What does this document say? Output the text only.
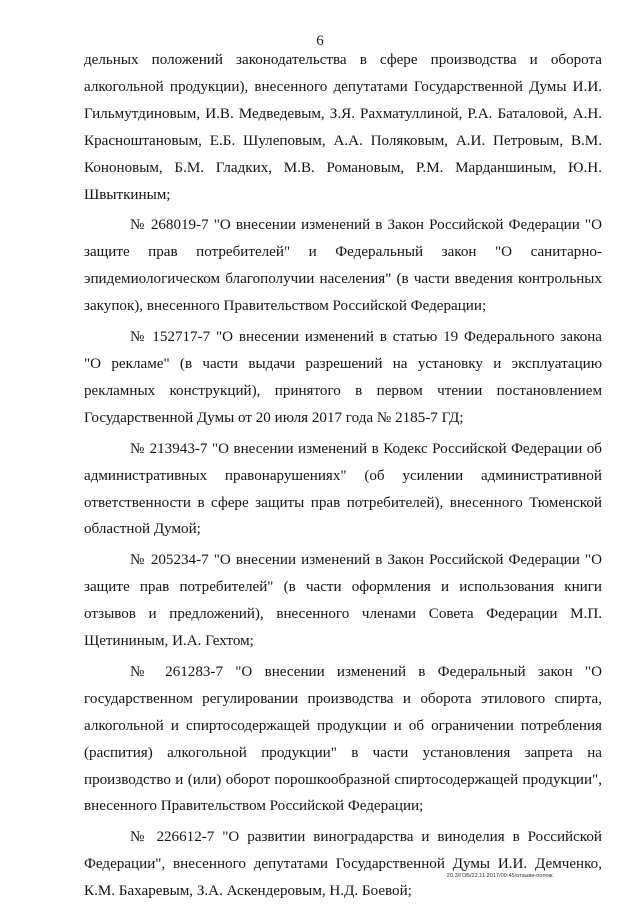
6

дельных положений законодательства в сфере производства и оборота алкогольной продукции), внесенного депутатами Государственной Думы И.И. Гильмутдиновым, И.В. Медведевым, З.Я. Рахматуллиной, Р.А. Баталовой, А.Н. Красноштановым, Е.Б. Шулеповым, А.А. Поляковым, А.И. Петровым, В.М. Кононовым, Б.М. Гладких, М.В. Романовым, Р.М. Марданшиным, Ю.Н. Швыткиным;

№ 268019-7 "О внесении изменений в Закон Российской Федерации "О защите прав потребителей" и Федеральный закон "О санитарно-эпидемиологическом благополучии населения" (в части введения контрольных закупок), внесенного Правительством Российской Федерации;

№ 152717-7 "О внесении изменений в статью 19 Федерального закона "О рекламе" (в части выдачи разрешений на установку и эксплуатацию рекламных конструкций), принятого в первом чтении постановлением Государственной Думы от 20 июля 2017 года № 2185-7 ГД;

№ 213943-7 "О внесении изменений в Кодекс Российской Федерации об административных правонарушениях" (об усилении административной ответственности в сфере защиты прав потребителей), внесенного Тюменской областной Думой;

№ 205234-7 "О внесении изменений в Закон Российской Федерации "О защите прав потребителей" (в части оформления и использования книги отзывов и предложений), внесенного членами Совета Федерации М.П. Щетининым, И.А. Гехтом;

№ 261283-7 "О внесении изменений в Федеральный закон "О государственном регулировании производства и оборота этилового спирта, алкогольной и спиртосодержащей продукции и об ограничении потребления (распития) алкогольной продукции" в части установления запрета на производство и (или) оборот порошкообразной спиртосодержащей продукции", внесенного Правительством Российской Федерации;

№ 226612-7 "О развитии виноградарства и виноделия в Российской Федерации", внесенного депутатами Государственной Думы И.И. Демченко, К.М. Бахаревым, З.А. Аскендеровым, Н.Д. Боевой;

20.3/ГОБ/22.11.2017/09:45/отзыви-полож.
